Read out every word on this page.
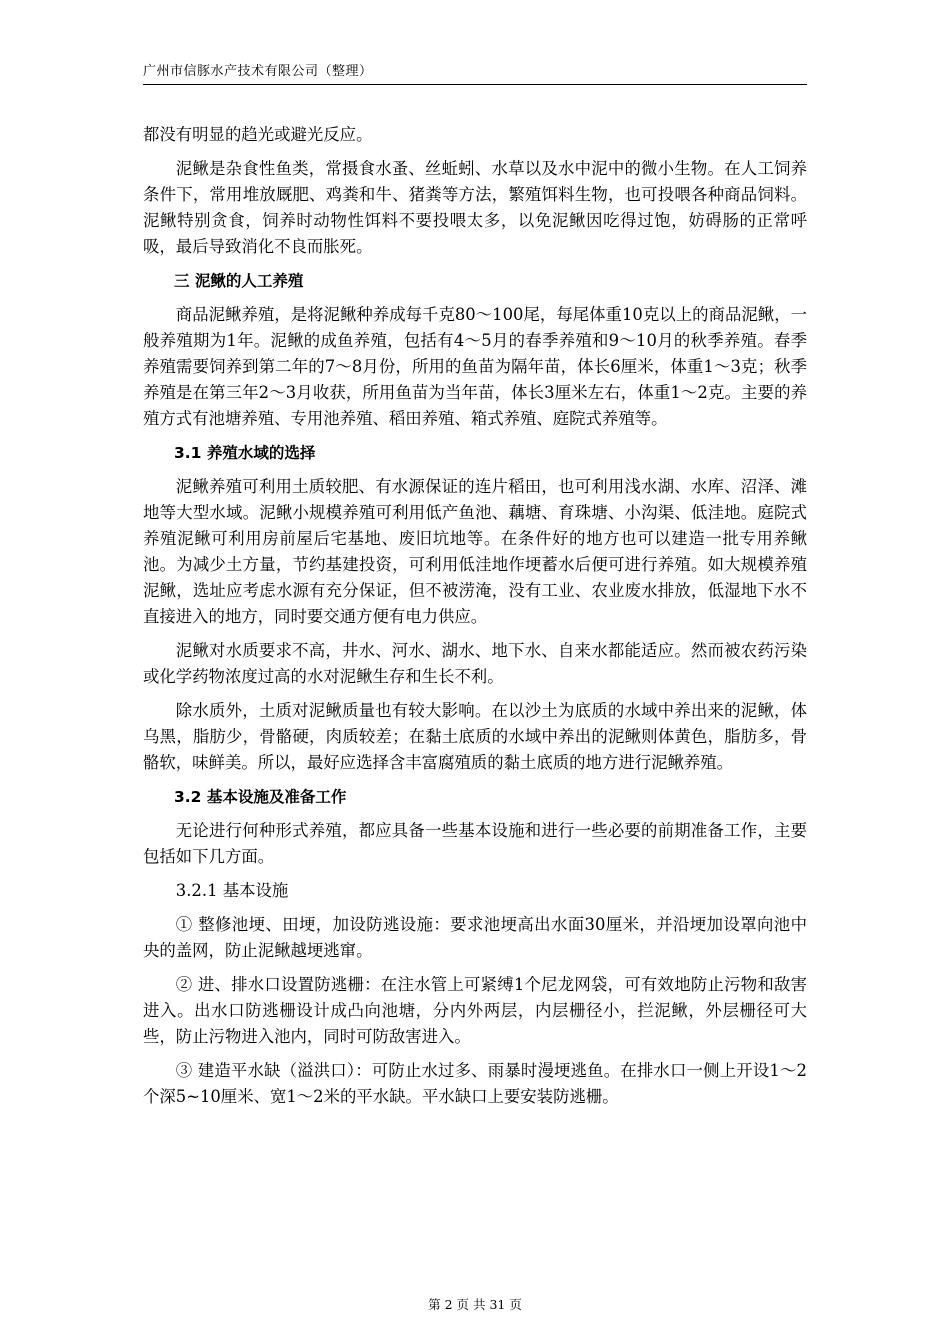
广州市信豚水产技术有限公司（整理）

都没有明显的趋光或避光反应。

泥鳅是杂食性鱼类，常摄食水蚤、丝蚯蚓、水草以及水中泥中的微小生物。在人工饲养条件下，常用堆放厩肥、鸡粪和牛、猪粪等方法，繁殖饵料生物，也可投喂各种商品饲料。泥鳅特别贪食，饲养时动物性饵料不要投喂太多，以免泥鳅因吃得过饱，妨碍肠的正常呼吸，最后导致消化不良而胀死。

三 泥鳅的人工养殖

商品泥鳅养殖，是将泥鳅种养成每千克80～100尾，每尾体重10克以上的商品泥鳅，一般养殖期为1年。泥鳅的成鱼养殖，包括有4～5月的春季养殖和9～10月的秋季养殖。春季养殖需要饲养到第二年的7～8月份，所用的鱼苗为隔年苗，体长6厘米，体重1～3克；秋季养殖是在第三年2～3月收获，所用鱼苗为当年苗，体长3厘米左右，体重1～2克。主要的养殖方式有池塘养殖、专用池养殖、稻田养殖、箱式养殖、庭院式养殖等。

3.1 养殖水域的选择

泥鳅养殖可利用土质较肥、有水源保证的连片稻田，也可利用浅水湖、水库、沼泽、滩地等大型水域。泥鳅小规模养殖可利用低产鱼池、藕塘、育珠塘、小沟渠、低洼地。庭院式养殖泥鳅可利用房前屋后宅基地、废旧坑地等。在条件好的地方也可以建造一批专用养鳅池。为减少土方量，节约基建投资，可利用低洼地作埂蓄水后便可进行养殖。如大规模养殖泥鳅，选址应考虑水源有充分保证，但不被涝淹，没有工业、农业废水排放，低湿地下水不直接进入的地方，同时要交通方便有电力供应。

泥鳅对水质要求不高，井水、河水、湖水、地下水、自来水都能适应。然而被农药污染或化学药物浓度过高的水对泥鳅生存和生长不利。

除水质外，土质对泥鳅质量也有较大影响。在以沙土为底质的水域中养出来的泥鳅，体乌黑，脂肪少，骨骼硬，肉质较差；在黏土底质的水域中养出的泥鳅则体黄色，脂肪多，骨骼软，味鲜美。所以，最好应选择含丰富腐殖质的黏土底质的地方进行泥鳅养殖。

3.2 基本设施及准备工作

无论进行何种形式养殖，都应具备一些基本设施和进行一些必要的前期准备工作，主要包括如下几方面。

3.2.1 基本设施

① 整修池埂、田埂，加设防逃设施：要求池埂高出水面30厘米，并沿埂加设罩向池中央的盖网，防止泥鳅越埂逃窜。

② 进、排水口设置防逃栅：在注水管上可紧缚1个尼龙网袋，可有效地防止污物和敌害进入。出水口防逃栅设计成凸向池塘，分内外两层，内层栅径小，拦泥鳅，外层栅径可大些，防止污物进入池内，同时可防敌害进入。

③ 建造平水缺（溢洪口）：可防止水过多、雨暴时漫埂逃鱼。在排水口一侧上开设1～2个深5~10厘米、宽1～2米的平水缺。平水缺口上要安装防逃栅。

第 2 页 共 31 页
